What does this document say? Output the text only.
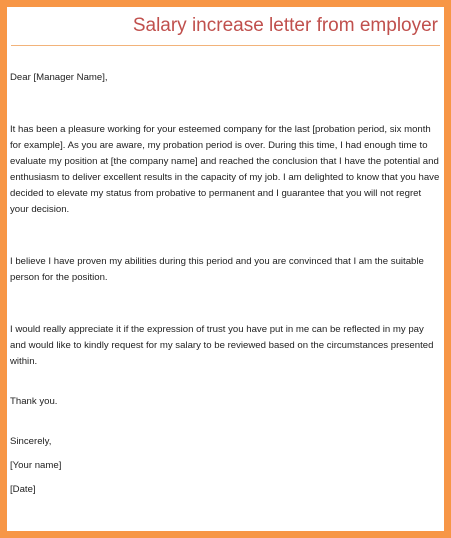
Salary increase letter from employer

Dear [Manager Name],

It has been a pleasure working for your esteemed company for the last [probation period, six month for example]. As you are aware, my probation period is over. During this time, I had enough time to evaluate my position at [the company name] and reached the conclusion that I have the potential and enthusiasm to deliver excellent results in the capacity of my job. I am delighted to know that you have decided to elevate my status from probative to permanent and I guarantee that you will not regret your decision.

I believe I have proven my abilities during this period and you are convinced that I am the suitable person for the position.

I would really appreciate it if the expression of trust you have put in me can be reflected in my pay and would like to kindly request for my salary to be reviewed based on the circumstances presented within.

Thank you.

Sincerely,

[Your name]

[Date]
